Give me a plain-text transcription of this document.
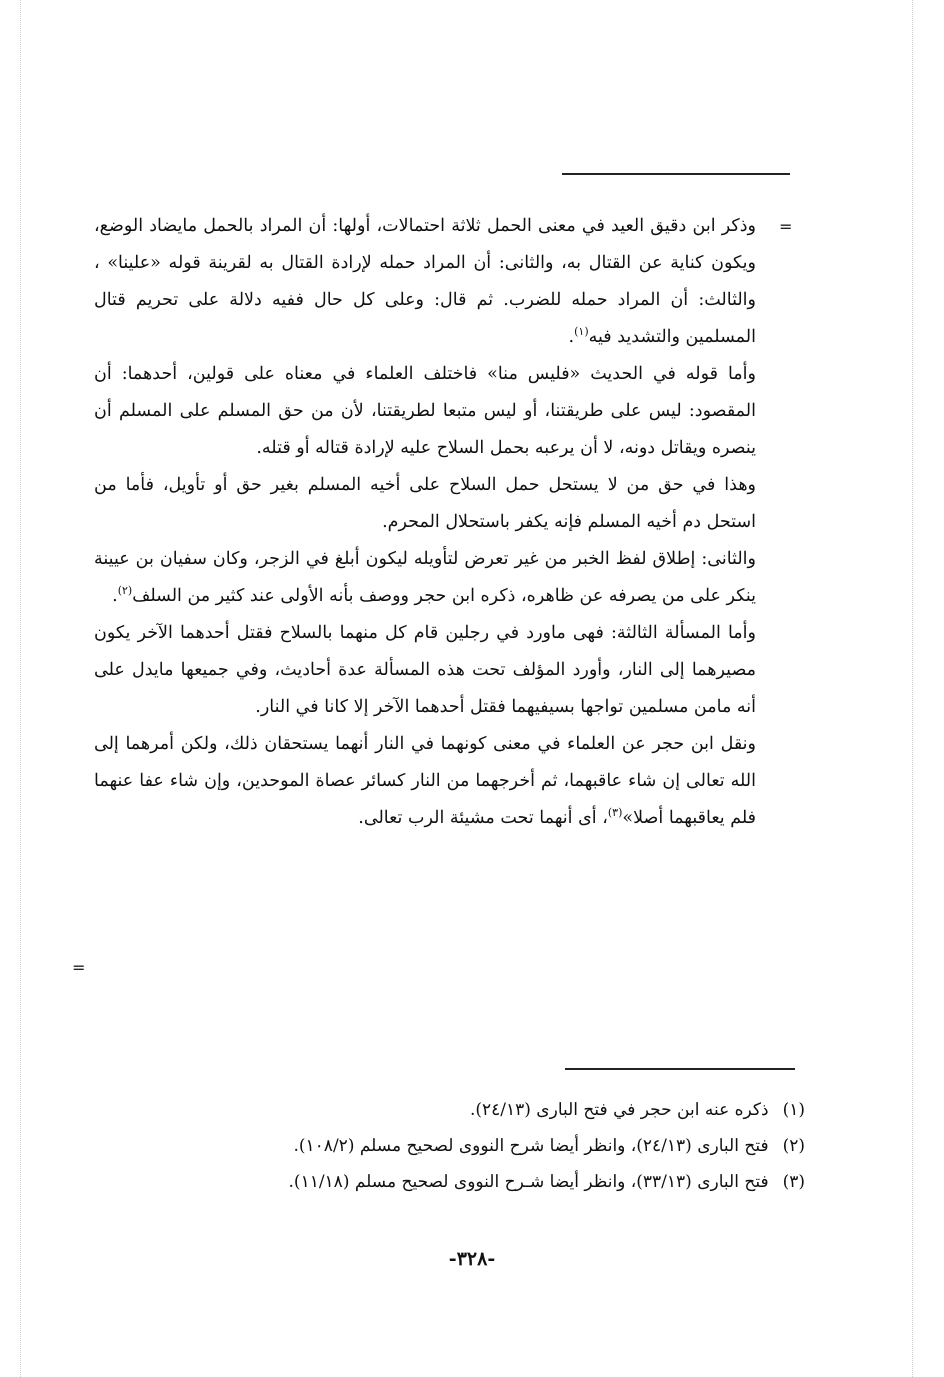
=
=

وذكر ابن دقيق العيد في معنى الحمل ثلاثة احتمالات، أولها: أن المراد بالحمل مايضاد الوضع، ويكون كناية عن القتال به، والثانى: أن المراد حمله لإرادة القتال به لقرينة قوله «علينا» ، والثالث: أن المراد حمله للضرب. ثم قال: وعلى كل حال ففيه دلالة على تحريم قتال المسلمين والتشديد فيه$^{(١)}$.

وأما قوله في الحديث «فليس منا» فاختلف العلماء في معناه على قولين، أحدهما: أن المقصود: ليس على طريقتنا، أو ليس متبعا لطريقتنا، لأن من حق المسلم على المسلم أن ينصره ويقاتل دونه، لا أن يرعبه بحمل السلاح عليه لإرادة قتاله أو قتله.

وهذا في حق من لا يستحل حمل السلاح على أخيه المسلم بغير حق أو تأويل، فأما من استحل دم أخيه المسلم فإنه يكفر باستحلال المحرم.

والثانى: إطلاق لفظ الخبر من غير تعرض لتأويله ليكون أبلغ في الزجر، وكان سفيان بن عيينة ينكر على من يصرفه عن ظاهره، ذكره ابن حجر ووصف بأنه الأولى عند كثير من السلف$^{(٢)}$.

وأما المسألة الثالثة: فهى ماورد في رجلين قام كل منهما بالسلاح فقتل أحدهما الآخر يكون مصيرهما إلى النار، وأورد المؤلف تحت هذه المسألة عدة أحاديث، وفي جميعها مايدل على أنه مامن مسلمين تواجها بسيفيهما فقتل أحدهما الآخر إلا كانا في النار.

ونقل ابن حجر عن العلماء في معنى كونهما في النار أنهما يستحقان ذلك، ولكن أمرهما إلى الله تعالى إن شاء عاقبهما، ثم أخرجهما من النار كسائر عصاة الموحدين، وإن شاء عفا عنهما فلم يعاقبهما أصلا»$^{(٣)}$، أى أنهما تحت مشيئة الرب تعالى.

(١)ذكره عنه ابن حجر في فتح البارى (٢٤/١٣).

(٢)فتح البارى (٢٤/١٣)، وانظر أيضا شرح النووى لصحيح مسلم (١٠٨/٢).

(٣)فتح البارى (٣٣/١٣)، وانظر أيضا شـرح النووى لصحيح مسلم (١١/١٨).

-٣٢٨-
